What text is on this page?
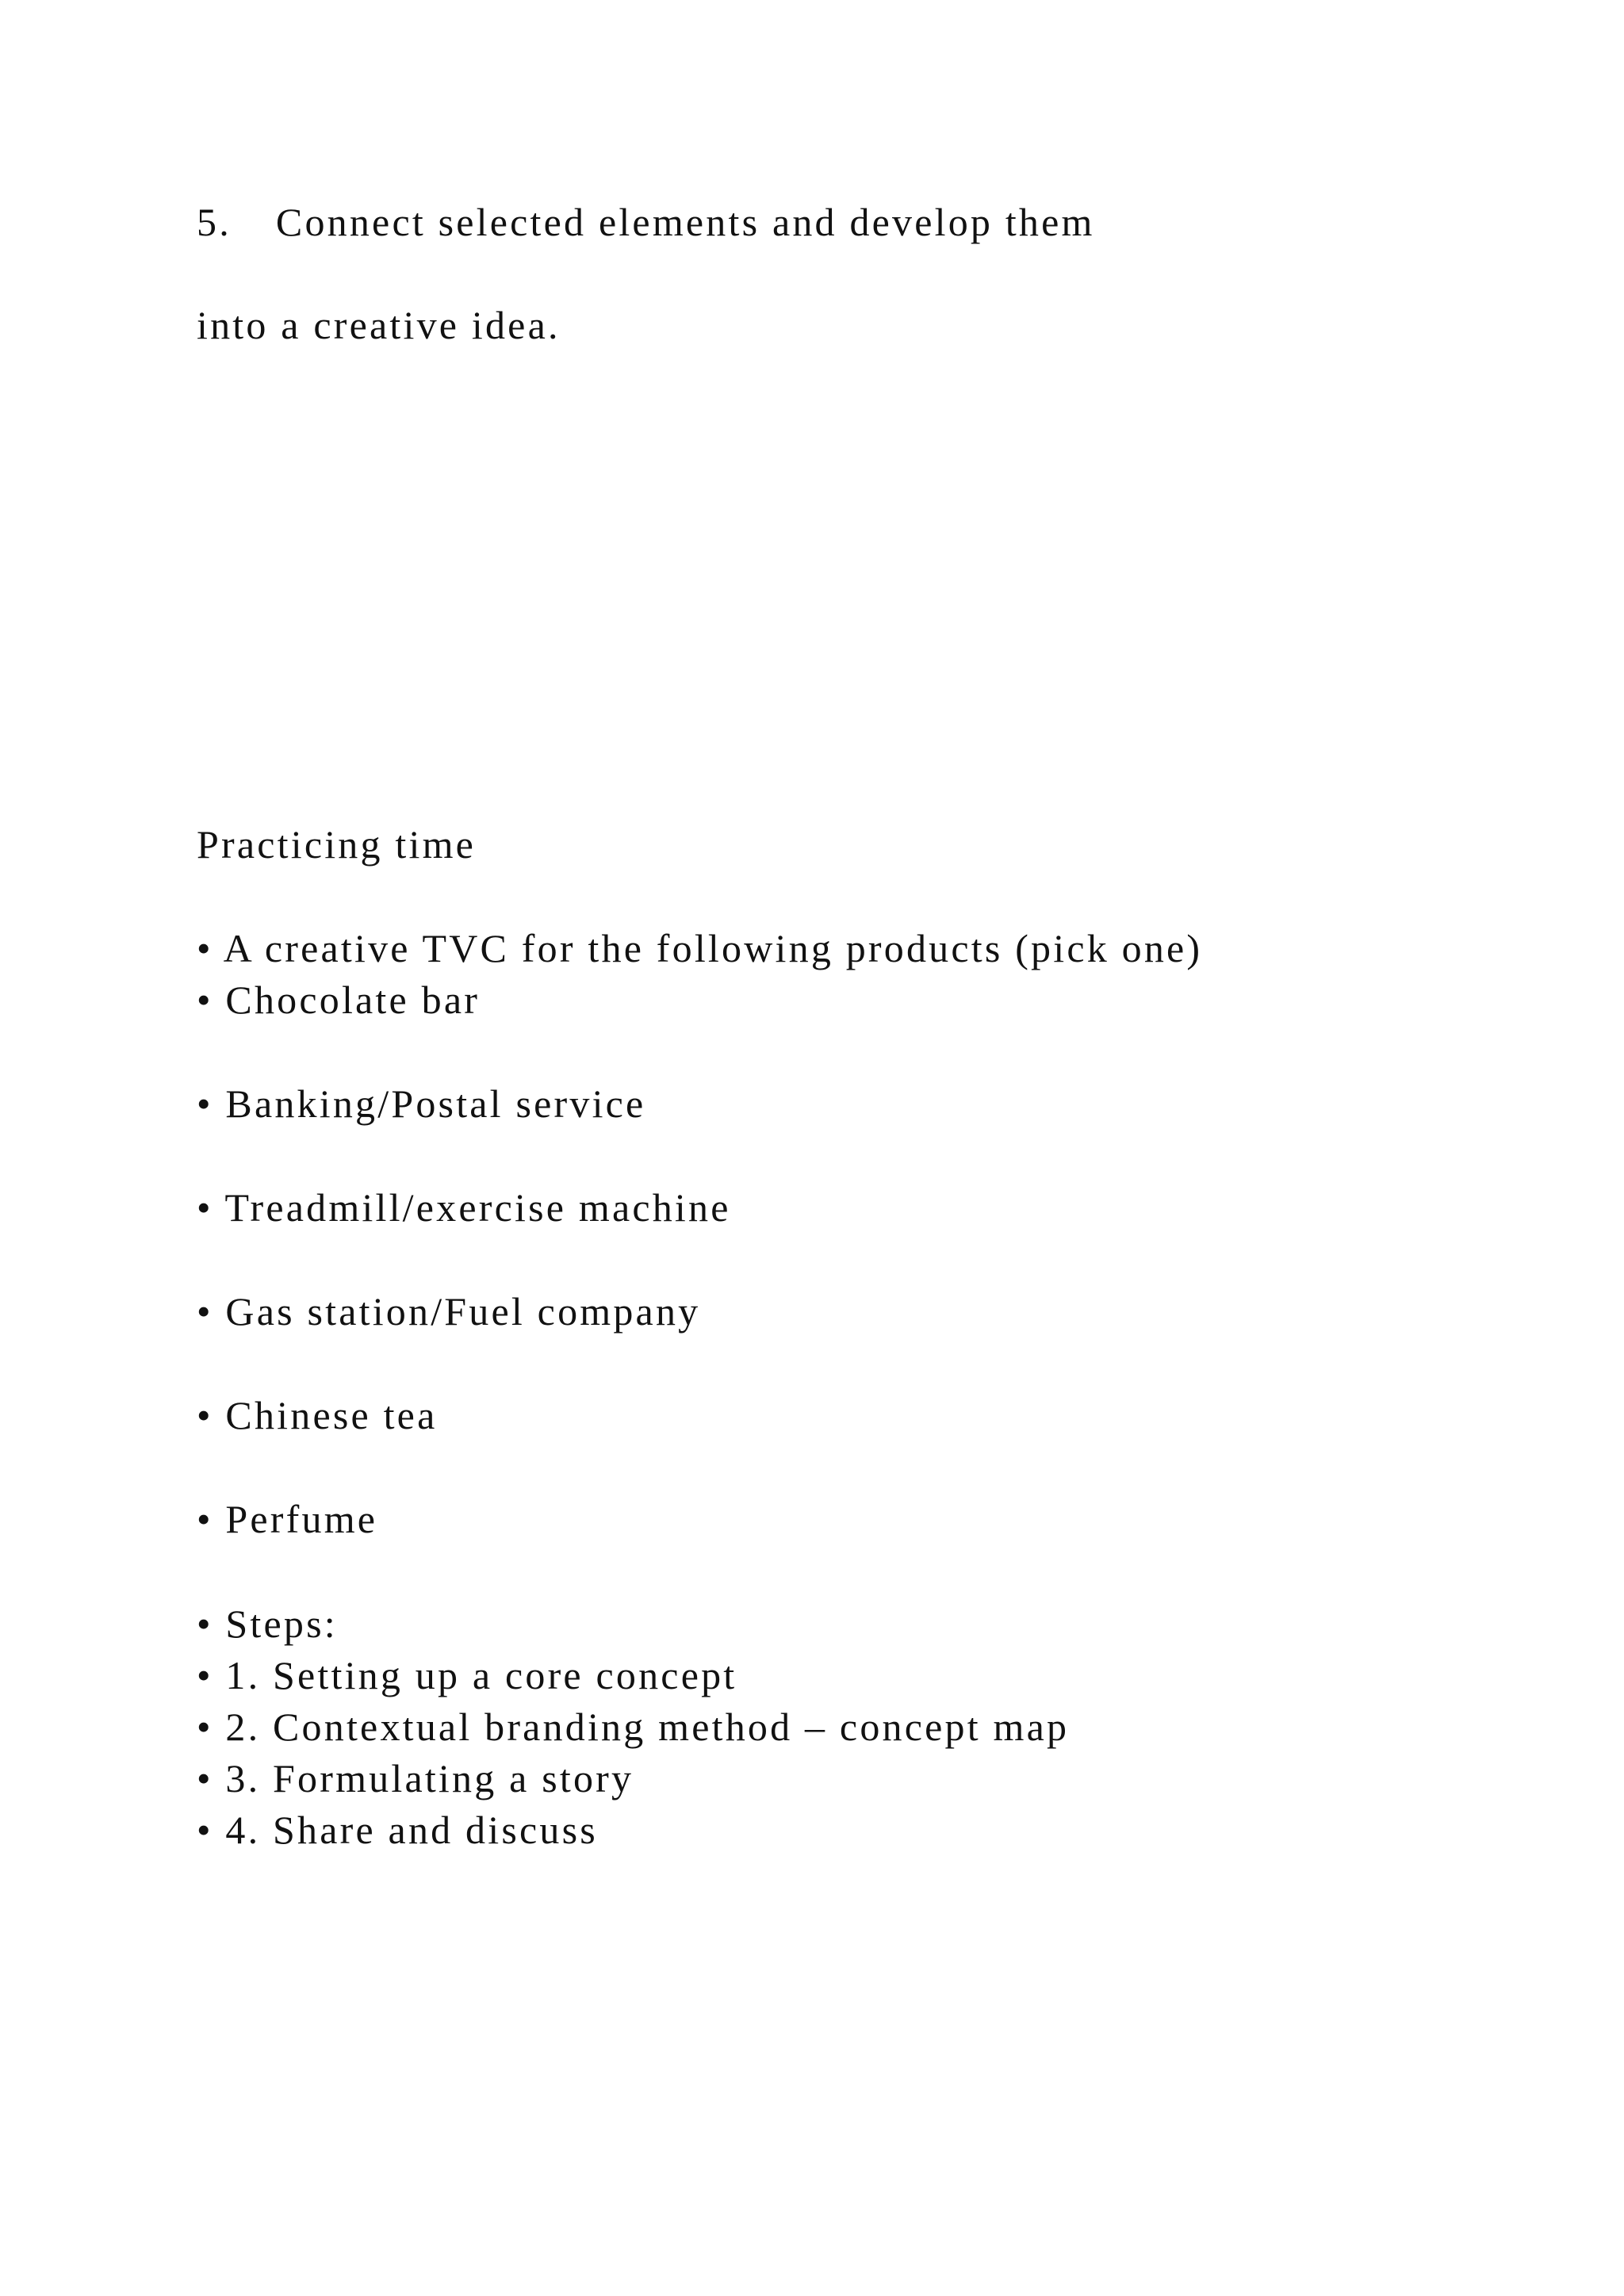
5. Connect selected elements and develop them

into a creative idea.

Practicing time

• A creative TVC for the following products (pick one)

• Chocolate bar

• Banking/Postal service

• Treadmill/exercise machine

• Gas station/Fuel company

• Chinese tea

• Perfume

• Steps:

• 1. Setting up a core concept

• 2. Contextual branding method – concept map

• 3. Formulating a story

• 4. Share and discuss
